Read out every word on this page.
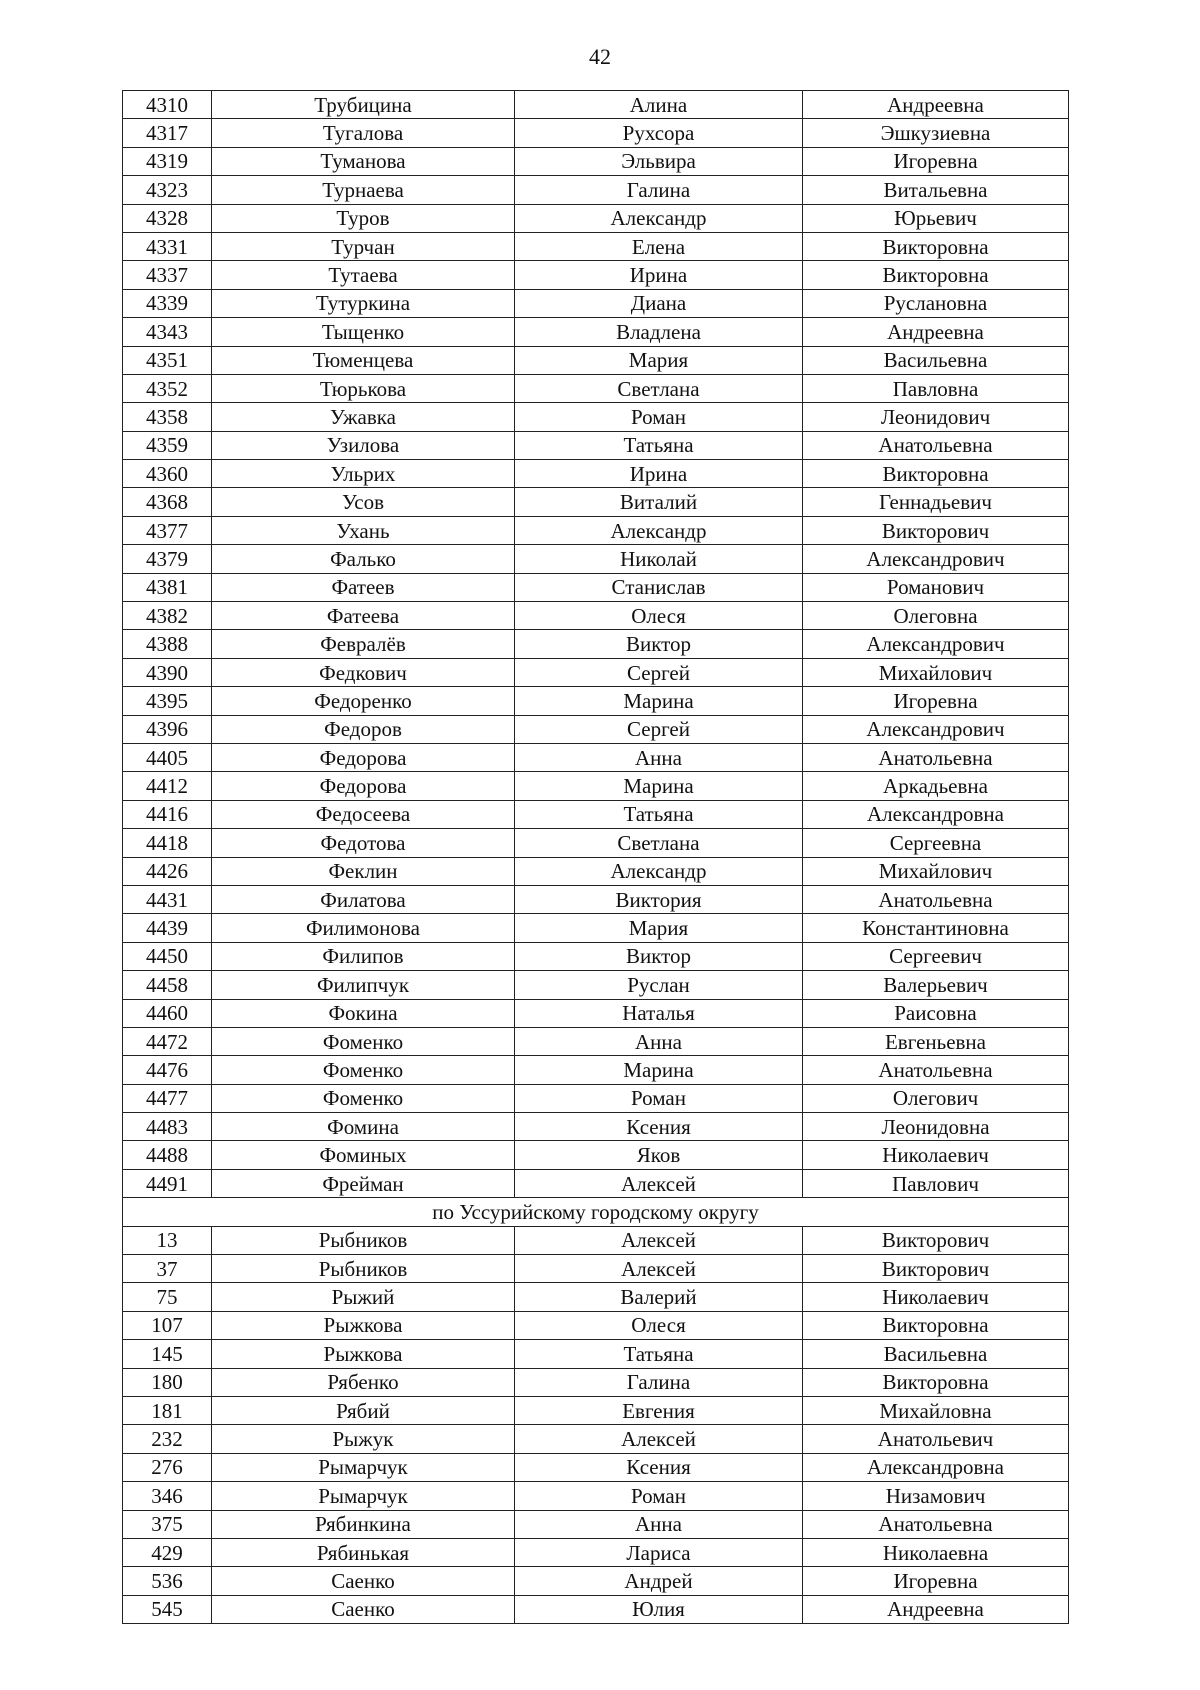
42
4310	Трубицина	Алина	Андреевна
4317	Тугалова	Рухсора	Эшкузиевна
4319	Туманова	Эльвира	Игоревна
4323	Турнаева	Галина	Витальевна
4328	Туров	Александр	Юрьевич
4331	Турчан	Елена	Викторовна
4337	Тутаева	Ирина	Викторовна
4339	Тутуркина	Диана	Руслановна
4343	Тыщенко	Владлена	Андреевна
4351	Тюменцева	Мария	Васильевна
4352	Тюрькова	Светлана	Павловна
4358	Ужавка	Роман	Леонидович
4359	Узилова	Татьяна	Анатольевна
4360	Ульрих	Ирина	Викторовна
4368	Усов	Виталий	Геннадьевич
4377	Ухань	Александр	Викторович
4379	Фалько	Николай	Александрович
4381	Фатеев	Станислав	Романович
4382	Фатеева	Олеся	Олеговна
4388	Февралёв	Виктор	Александрович
4390	Федкович	Сергей	Михайлович
4395	Федоренко	Марина	Игоревна
4396	Федоров	Сергей	Александрович
4405	Федорова	Анна	Анатольевна
4412	Федорова	Марина	Аркадьевна
4416	Федосеева	Татьяна	Александровна
4418	Федотова	Светлана	Сергеевна
4426	Феклин	Александр	Михайлович
4431	Филатова	Виктория	Анатольевна
4439	Филимонова	Мария	Константиновна
4450	Филипов	Виктор	Сергеевич
4458	Филипчук	Руслан	Валерьевич
4460	Фокина	Наталья	Раисовна
4472	Фоменко	Анна	Евгеньевна
4476	Фоменко	Марина	Анатольевна
4477	Фоменко	Роман	Олегович
4483	Фомина	Ксения	Леонидовна
4488	Фоминых	Яков	Николаевич
4491	Фрейман	Алексей	Павлович
по Уссурийскому городскому округу			
13	Рыбников	Алексей	Викторович
37	Рыбников	Алексей	Викторович
75	Рыжий	Валерий	Николаевич
107	Рыжкова	Олеся	Викторовна
145	Рыжкова	Татьяна	Васильевна
180	Рябенко	Галина	Викторовна
181	Рябий	Евгения	Михайловна
232	Рыжук	Алексей	Анатольевич
276	Рымарчук	Ксения	Александровна
346	Рымарчук	Роман	Низамович
375	Рябинкина	Анна	Анатольевна
429	Рябинькая	Лариса	Николаевна
536	Саенко	Андрей	Игоревна
545	Саенко	Юлия	Андреевна
